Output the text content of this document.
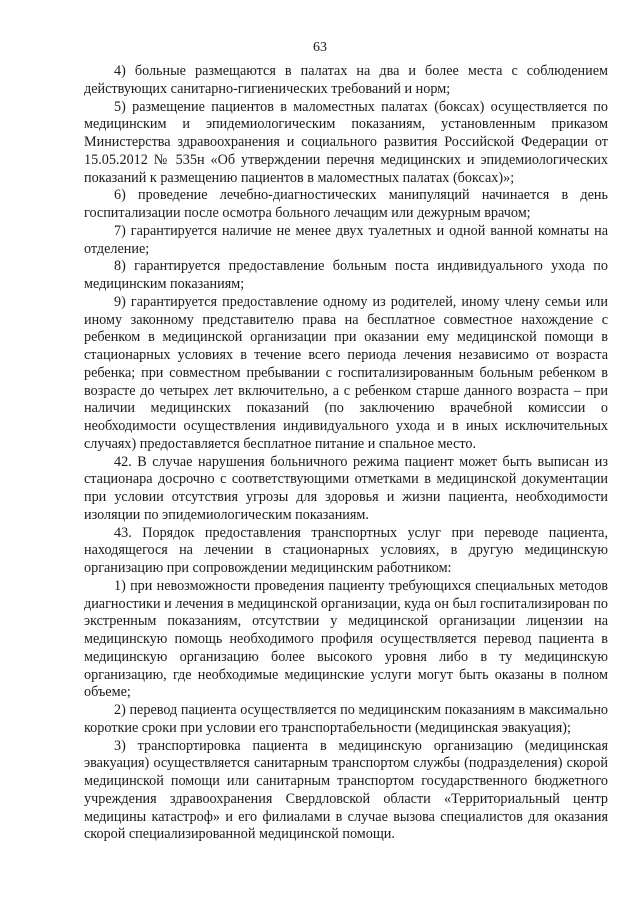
63

4) больные размещаются в палатах на два и более места с соблюдением действующих санитарно-гигиенических требований и норм;

5) размещение пациентов в маломестных палатах (боксах) осуществляется по медицинским и эпидемиологическим показаниям, установленным приказом Министерства здравоохранения и социального развития Российской Федерации от 15.05.2012 № 535н «Об утверждении перечня медицинских и эпидемиологических показаний к размещению пациентов в маломестных палатах (боксах)»;

6) проведение лечебно-диагностических манипуляций начинается в день госпитализации после осмотра больного лечащим или дежурным врачом;

7) гарантируется наличие не менее двух туалетных и одной ванной комнаты на отделение;

8) гарантируется предоставление больным поста индивидуального ухода по медицинским показаниям;

9) гарантируется предоставление одному из родителей, иному члену семьи или иному законному представителю права на бесплатное совместное нахождение с ребенком в медицинской организации при оказании ему медицинской помощи в стационарных условиях в течение всего периода лечения независимо от возраста ребенка; при совместном пребывании с госпитализированным больным ребенком в возрасте до четырех лет включительно, а с ребенком старше данного возраста – при наличии медицинских показаний (по заключению врачебной комиссии о необходимости осуществления индивидуального ухода и в иных исключительных случаях) предоставляется бесплатное питание и спальное место.

42. В случае нарушения больничного режима пациент может быть выписан из стационара досрочно с соответствующими отметками в медицинской документации при условии отсутствия угрозы для здоровья и жизни пациента, необходимости изоляции по эпидемиологическим показаниям.

43. Порядок предоставления транспортных услуг при переводе пациента, находящегося на лечении в стационарных условиях, в другую медицинскую организацию при сопровождении медицинским работником:

1) при невозможности проведения пациенту требующихся специальных методов диагностики и лечения в медицинской организации, куда он был госпитализирован по экстренным показаниям, отсутствии у медицинской организации лицензии на медицинскую помощь необходимого профиля осуществляется перевод пациента в медицинскую организацию более высокого уровня либо в ту медицинскую организацию, где необходимые медицинские услуги могут быть оказаны в полном объеме;

2) перевод пациента осуществляется по медицинским показаниям в максимально короткие сроки при условии его транспортабельности (медицинская эвакуация);

3) транспортировка пациента в медицинскую организацию (медицинская эвакуация) осуществляется санитарным транспортом службы (подразделения) скорой медицинской помощи или санитарным транспортом государственного бюджетного учреждения здравоохранения Свердловской области «Территориальный центр медицины катастроф» и его филиалами в случае вызова специалистов для оказания скорой специализированной медицинской помощи.
